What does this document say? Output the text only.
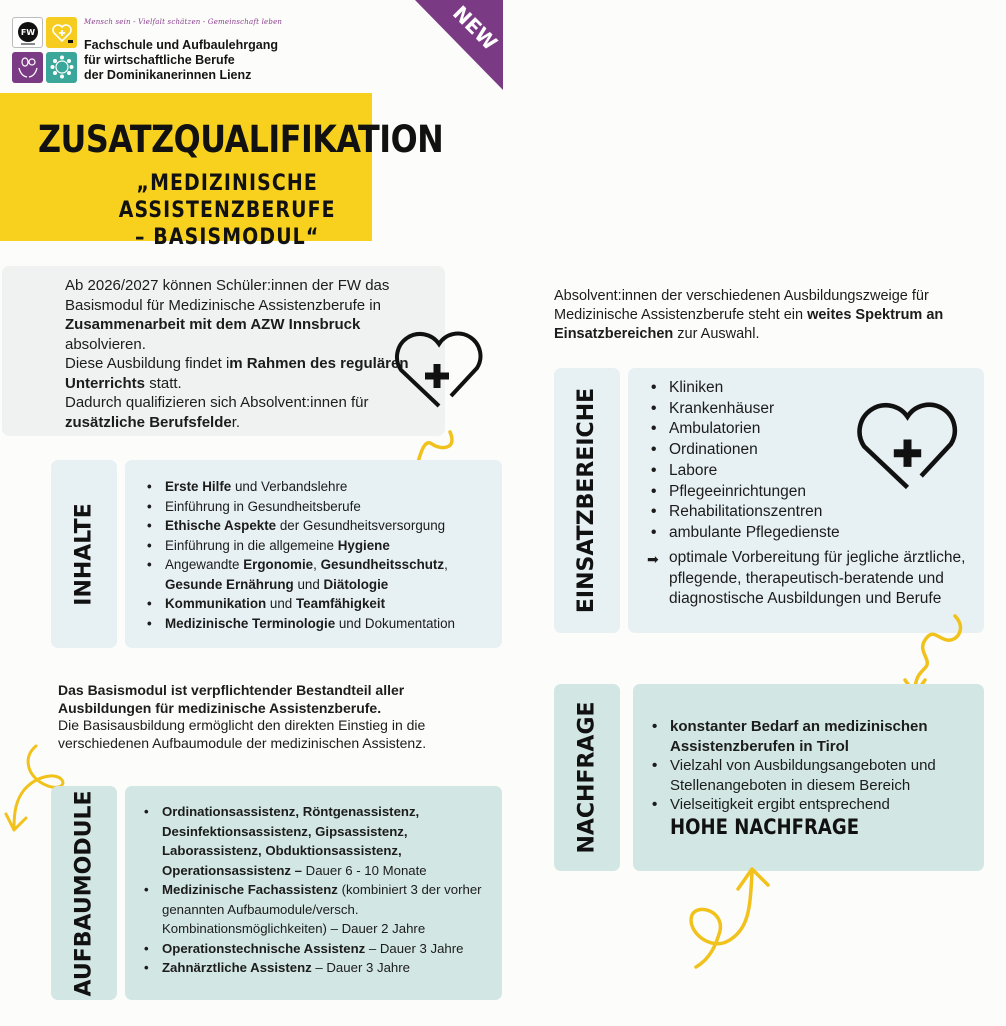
FW
Mensch sein - Vielfalt schätzen - Gemeinschaft leben
Fachschule und Aufbaulehrgang
für wirtschaftliche Berufe
der Dominikanerinnen Lienz
NEW
ZUSATZQUALIFIKATION
„MEDIZINISCHE ASSISTENZBERUFE
– BASISMODUL“
Ab 2026/2027 können Schüler:innen der FW das Basismodul für Medizinische Assistenzberufe in Zusammenarbeit mit dem AZW Innsbruck absolvieren.
Diese Ausbildung findet im Rahmen des regulären Unterrichts statt.
Dadurch qualifizieren sich Absolvent:innen für zusätzliche Berufsfelder.
INHALTE
• Erste Hilfe und Verbandslehre
• Einführung in Gesundheitsberufe
• Ethische Aspekte der Gesundheitsversorgung
• Einführung in die allgemeine Hygiene
• Angewandte Ergonomie, Gesundheitsschutz, Gesunde Ernährung und Diätologie
• Kommunikation und Teamfähigkeit
• Medizinische Terminologie und Dokumentation
Das Basismodul ist verpflichtender Bestandteil aller Ausbildungen für medizinische Assistenzberufe.
Die Basisausbildung ermöglicht den direkten Einstieg in die verschiedenen Aufbaumodule der medizinischen Assistenz.
AUFBAUMODULE	• Ordinationsassistenz, Röntgenassistenz, Desinfektionsassistenz, Gipsassistenz, Laborassistenz, Obduktionsassistenz, Operationsassistenz – Dauer 6 - 10 Monate
• Medizinische Fachassistenz (kombiniert 3 der vorher genannten Aufbaumodule/versch. Kombinationsmöglichkeiten) – Dauer 2 Jahre
• Operationstechnische Assistenz – Dauer 3 Jahre
• Zahnärztliche Assistenz – Dauer 3 Jahre
Absolvent:innen der verschiedenen Ausbildungszweige für Medizinische Assistenzberufe steht ein weites Spektrum an Einsatzbereichen zur Auswahl.
EINSATZBEREICHE
• Kliniken
• Krankenhäuser
• Ambulatorien
• Ordinationen
• Labore
• Pflegeeinrichtungen
• Rehabilitationszentren
• ambulante Pflegedienste
➡ optimale Vorbereitung für jegliche ärztliche, pflegende, therapeutisch-beratende und diagnostische Ausbildungen und Berufe
NACHFRAGE	• konstanter Bedarf an medizinischen Assistenzberufen in Tirol
• Vielzahl von Ausbildungsangeboten und Stellenangeboten in diesem Bereich
• Vielseitigkeit ergibt entsprechend
HOHE NACHFRAGE
